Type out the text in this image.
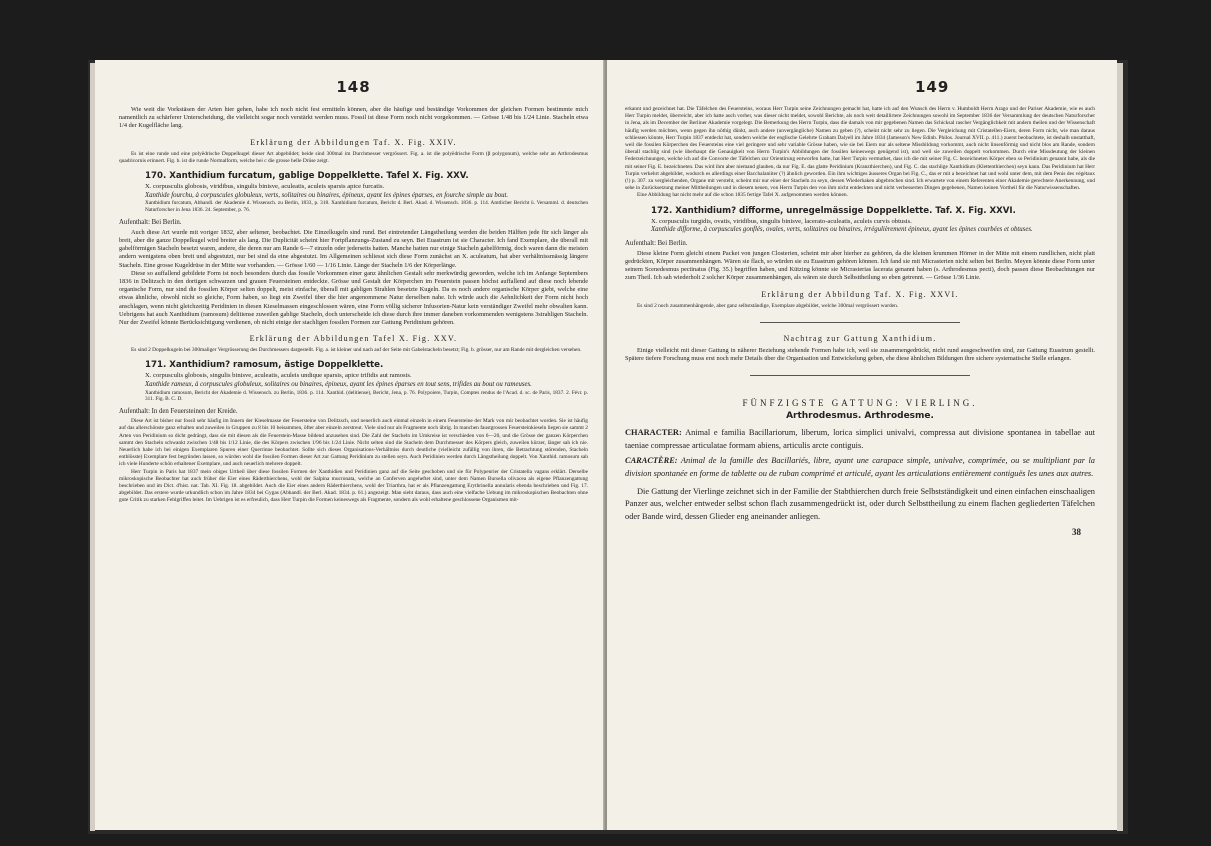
148

Wie weit die Vorkstäsen der Arten hier gehen, habe ich noch nicht fest ermitteln können, aber die häufige und beständige Vorkommen der gleichen Formen bestimmte mich namentlich zu schärferer Unterscheidung, die vielleicht sogar noch verstärkt werden muss. Fossil ist diese Form noch nicht vorgekommen. — Grösse 1/48 bis 1/24 Linie. Stacheln etwa 1/4 der Kugelfläche lang.

Erklärung der Abbildungen Taf. X. Fig. XXIV.

Es ist eine runde und eine polyëdrische Doppelkugel dieser Art abgebildet; beide sind 300mal im Durchmesser vergrössert. Fig. a. ist die polyëdrische Form (β polygonum), welche sehr an Arthrodesmus quadricornis erinnert. Fig. b. ist die runde Normalform, welche bei c die grosse helle Drüse zeigt.

170. Xanthidium furcatum, gablige Doppelklette. Tafel X. Fig. XXV.

X. corpusculis globosis, viridibus, singulis binisve, aculeatis, aculeis sparsis apice furcatis.

Xanthide fourchu, à corpuscules globuleux, verts, solitaires ou binaires, épineux, ayant les épines éparses, en fourche simple au bout.

Xanthidium furcatum, Abhandl. der Akademie d. Wissensch. zu Berlin, 1833, p. 318. Xanthidium furcatum, Bericht d. Berl. Akad. d. Wissensch. 1836. p. 114. Amtlicher Bericht ü. Versamml. d. deutschen Naturforscher in Jena 1836. 24. September, p. 76.

Aufenthalt: Bei Berlin.

Auch diese Art wurde mit voriger 1832, aber seltener, beobachtet. Die Einzelkugeln sind rund. Bei eintretender Längstheilung werden die beiden Hälften jede für sich länger als breit, aber die ganze Doppelkugel wird breiter als lang. Die Duplicität scheint hier Fortpflanzungs-Zustand zu seyn. Bei Euastrum ist sie Character. Ich fand Exemplare, die überall mit gabelförmigen Stacheln besetzt waren, andere, die deren nur am Rande 6—7 einzeln oder jederseits hatten. Manche hatten nur einige Stacheln gabelförmig, doch waren dann die meisten andern wenigstens oben breit und abgestutzt, nur bei sind da eine abgestutzt. Im Allgemeinen schliesst sich diese Form zunächst an X. aculeatum, hat aber verhältnissmässig längere Stacheln. Eine grosse Kugeldrüse in der Mitte war vorhanden. — Grösse 1/60 — 1/16 Linie. Länge der Stacheln 1/6 der Körperlänge.

Diese so auffallend gebildete Form ist noch besonders durch das fossile Vorkommen einer ganz ähnlichen Gestalt sehr merkwürdig geworden, welche ich im Anfange Septembers 1836 in Delitzsch in den dortigen schwarzen und grauen Feuersteinen entdeckte. Grösse und Gestalt der Körperchen im Feuerstein passen höchst auffallend auf diese noch lebende organische Form, nur sind die fossilen Körper selten doppelt, meist einfache, überall mit gabligen Strahlen besetzte Kugeln. Da es noch andere organische Körper giebt, welche eine etwas ähnliche, obwohl nicht so gleiche, Form haben, so liegt ein Zweifel über die hier angenommene Natur derselben nahe. Ich würde auch die Aehnlichkeit der Form nicht hoch anschlagen, wenn nicht gleichzeitig Peridinien in diesen Kieselmassen eingeschlossen wären, eine Form völlig sicherer Infusorien-Natur kein verständiger Zweifel mehr obwalten kann. Uebrigens hat auch Xanthidium (ramosum) delitiense zuweilen gablige Stacheln, doch unterscheide ich diese durch ihre immer daneben vorkommenden wenigstens 3strahligen Stacheln. Nur der Zweifel könnte Berücksichtigung verdienen, ob nicht einige der stachligen fossilen Formen zur Gattung Peridinium gehören.

Erklärung der Abbildungen Tafel X. Fig. XXV.

Es sind 2 Doppelkugeln bei 300maliger Vergrösserung des Durchmessers dargestellt. Fig. a. ist kleiner und nach auf der Seite mit Gabelstacheln besetzt; Fig. b. grösser, nur am Rande mit dergleichen versehen.

171. Xanthidium? ramosum, ästige Doppelklette.

X. corpusculis globosis, singulis binisve, aculeatis, aculeis undique sparsis, apice trifidis aut ramosis.

Xanthide rameux, à corpuscules globuleux, solitaires ou binaires, épineux, ayant les épines éparses en tout sens, trifides au bout ou rameuses.

Xanthidium ramosum, Bericht der Akademie d. Wissensch. zu Berlin, 1836. p. 114. Xanthid. (delitiense), Bericht, Jena, p. 76. Polypoiere, Turpin, Comptes rendus de l'Acad. d. sc. de Paris, 1837. 2. Févr. p. 311. Fig. B. C. D.

Aufenthalt: In den Feuersteinen der Kreide.

Diese Art ist bisher nur fossil sehr häufig im Innern der Kieselmasse der Feuersteine von Delitzsch, und neuerlich auch einmal einzeln in einem Feuersteine der Mark von mir beobachtet worden. Sie ist häufig auf das allerschönste ganz erhalten und zuweilen in Gruppen zu 8 bis 10 beisammen, öfter aber einzeln zerstreut. Viele sind nur als Fragmente noch übrig. In manchen faustgrossen Feuersteinkieseln liegen sie sammt 2 Arten von Peridinium so dicht gedrängt, dass sie mit diesen als die Feuerstein-Masse bildend anzusehen sind. Die Zahl der Stacheln im Umkreise ist verschieden von 6—20, und die Grösse der ganzen Körperchen sammt den Stacheln schwankt zwischen 1/48 bis 1/12 Linie, die des Körpers zwischen 1/96 bis 1/24 Linie. Nicht selten sind die Stacheln dem Durchmesser des Körpers gleich, zuweilen kürzer, länger sah ich nie. Neuerlich habe ich bei einigen Exemplaren Spuren einer Querrinne beobachtet. Sollte sich dieses Organisations-Verhältniss durch deutliche (vielleicht zufällig von ihren, die Betrachtung störenden, Stacheln entblösste) Exemplare fest begründen lassen, so würden wohl die fossilen Formen dieser Art zur Gattung Peridinium zu stellen seyn. Auch Peridinien werden durch Längstheilung doppelt. Von Xanthid. ramosum sah ich viele Hunderte schön erhaltener Exemplare, und auch neuerlich mehrere doppelt.

Herr Turpin in Paris hat 1837 mein obiges Urtheil über diese fossilen Formen der Xanthidien und Peridinien ganz auf die Seite geschoben und sie für Polypenrier der Cristatella vagans erklärt. Derselbe mikroskopische Beobachter hat auch früher die Eier eines Räderthierchens, wohl der Salpina mucronata, welche an Conferven angeheftet sind, unter dem Namen Bursella olivacea als eigene Pflanzengattung beschrieben und im Dict. d'hist. nat. Tab. XI. Fig. 18. abgebildet. Auch die Eier eines andern Räderthierchens, wohl der Triarthra, hat er als Pflanzengattung Erythrinella annularis ebenda beschrieben und Fig. 17. abgebildet. Das erstere wurde urkundlich schon im Jahre 1834 bei Gygas (Abhandl. der Berl. Akad. 1834. p. 61.) angezeigt. Man sieht daraus, dass auch eine vielfache Uebung im mikroskopischen Beobachten ohne gute Critik zu starken Fehlgriffen leitet. Im Uebrigen ist es erfreulich, dass Herr Turpin die Formen keineswegs als Fragmente, sondern als wohl erhaltene geschlossene Organismen mit-

149

erkannt und gezeichnet hat. Die Täfelchen des Feuersteins, woraus Herr Turpin seine Zeichnungen gemacht hat, hatte ich auf den Wunsch des Herrn v. Humboldt Herrn Arago und der Pariser Akademie, wie es auch Herr Turpin meldet, überreicht, aber ich hatte auch vorher, was dieser nicht meldet, sowohl Berichte, als noch weit detaillirtere Zeichnungen sowohl im September 1836 der Versammlung der deutschen Naturforscher in Jena, als im December der Berliner Akademie vorgelegt. Die Bemerkung des Herrn Turpin, dass die damals von mir gegebenen Namen das Schicksal rascher Vergänglichkeit mit andern theilen und der Wissenschaft häufig werden möchten, wenn gegen ihn nöthig dünkt, auch andere (unvergängliche) Namen zu geben (?), scheint nicht sehr zu liegen. Die Vergleichung mit Cristatellen-Eiern, deren Form nicht, wie man daraus schliessen könnte, Herr Turpin 1837 entdeckt hat, sondern welche der englische Gelehrte Graham Dalyell im Jahre 1834 (Jameson's New Edinb. Philos. Journal XVII. p. 411.) zuerst beobachtete, ist deshalb unstatthaft, weil die fossilen Körperchen des Feuersteins eine viel geringere und sehr variable Grösse haben, wie sie bei Eiern nur als seltene Missbildung vorkommt, auch nicht linsenförmig und nicht blos am Rande, sondern überall stachlig sind (wie überhaupt die Genauigkeit von Herrn Turpin's Abbildungen der fossilen keineswegs genügend ist), und weil sie zuweilen doppelt vorkommen. Durch eine Missdeutung der kleinen Federzeichnungen, welche ich auf die Convorte der Täfelchen zur Orientirung entworfen hatte, hat Herr Turpin vermuthet, dass ich die mit seiner Fig. C. bezeichneten Körper eben so Peridinium genannt habe, als die mit seiner Fig. E. bezeichneten. Das wird ihm aber niemand glauben, da nur Fig. E. das glatte Peridinium (Kranzthierchen), und Fig. C. das stachlige Xanthidium (Klettenthierchen) seyn kann. Das Peridinium hat Herr Turpin verkehrt abgebildet, wodurch es allerdings einer Bacchalaniiter (?) ähnlich geworden. Ein ihm wichtiges äusseres Organ bei Fig. C., das er mit a bezeichnet hat und wohl unter dem, mit dem Penis des végétaux (!) p. 307. zu vergleichenden, Organe mit versteht, scheint mir nur einer der Stacheln zu seyn, dessen Wiederhaken abgebrochen sind. Ich erwartete von einem Referenten einer Akademie gerechtere Anerkennung, und sehe in Zurücksetzung meiner Mittheilungen und in diesem neuen, von Herrn Turpin den von ihm nicht entdeckten und nicht verbesserten Dingen gegebenen, Namen keinen Vortheil für die Naturwissenschaften.

Eine Abbildung hat nicht mehr auf die schon 1835 fertige Tafel X. aufgenommen werden können.

172. Xanthidium? difforme, unregelmässige Doppelklette. Taf. X. Fig. XXVI.

X. corpusculis turgidis, ovatis, viridibus, singulis binisve, lacerato-aculeatis, aculeis curvis obtusis.

Xanthide difforme, à corpuscules gonflés, ovales, verts, solitaires ou binaires, irrégulièrement épineux, ayant les épines courbées et obtuses.

Aufenthalt: Bei Berlin.

Diese kleine Form gleicht einem Packet von jungen Closterien, scheint mir aber hierher zu gehören, da die kleinen krummen Hörner in der Mitte mit einem rundlichen, nicht platt gedrückten, Körper zusammenhängen. Wären sie flach, so würden sie zu Euastrum gehören können. Ich fand sie mit Micrasterien nicht selten bei Berlin. Meyen könnte diese Form unter seinem Scenedesmus pectinatus (Fig. 35.) begriffen haben, und Kützing könnte sie Micrasterias lacerata genannt haben (s. Arthrodesmus pecti), doch passen diese Beobachtungen nur zum Theil. Ich sah wiederholt 2 solcher Körper zusammenhängen, als wären sie durch Selbsttheilung so eben getrennt. — Grösse 1/36 Linie.

Erklärung der Abbildung Taf. X. Fig. XXVI.

Es sind 2 noch zusammenhängende, aber ganz selbstständige, Exemplare abgebildet, welche 300mal vergrössert wurden.

Nachtrag zur Gattung Xanthidium.

Einige vielleicht mit dieser Gattung in näherer Beziehung stehende Formen habe ich, weil sie zusammengedrückt, nicht rund ausgeschweifen sind, zur Gattung Euastrum gestellt. Spätere tiefere Forschung muss erst noch mehr Details über die Organisation und Entwickelung geben, ehe diese ähnlichen Bildungen ihre sichere systematische Stelle erlangen.

FÜNFZIGSTE GATTUNG: VIERLING.
Arthrodesmus. Arthrodesme.

CHARACTER: Animal e familia Bacillariorum, liberum, lorica simplici univalvi, compressa aut divisione spontanea in tabellae aut taeniae compressae articulatae formam abiens, articulis arcte contiguis.

CARACTÈRE: Animal de la famille des Bacillariés, libre, ayant une carapace simple, univalve, comprimée, ou se multipliant par la division spontanée en forme de tablette ou de ruban comprimé et articulé, ayant les articulations entièrement contiguës les unes aux autres.

Die Gattung der Vierlinge zeichnet sich in der Familie der Stabthierchen durch freie Selbstständigkeit und einen einfachen einschaaligen Panzer aus, welcher entweder selbst schon flach zusammengedrückt ist, oder durch Selbsttheilung zu einem flachen gegliederten Täfelchen oder Bande wird, dessen Glieder eng aneinander anliegen.

38
